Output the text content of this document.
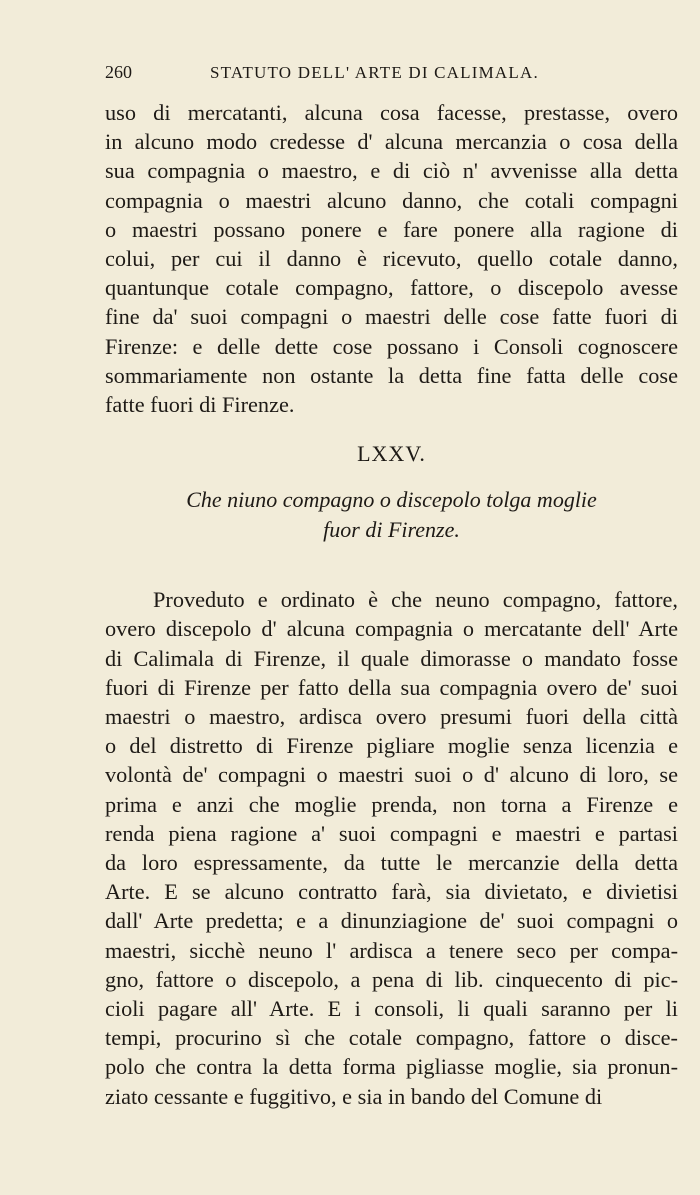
260	STATUTO DELL' ARTE DI CALIMALA.

uso di mercatanti, alcuna cosa facesse, prestasse, overo
in alcuno modo credesse d' alcuna mercanzia o cosa della
sua compagnia o maestro, e di ciò n' avvenisse alla detta
compagnia o maestri alcuno danno, che cotali compagni
o maestri possano ponere e fare ponere alla ragione di
colui, per cui il danno è ricevuto, quello cotale danno,
quantunque cotale compagno, fattore, o discepolo avesse
fine da' suoi compagni o maestri delle cose fatte fuori di
Firenze: e delle dette cose possano i Consoli cognoscere
sommariamente non ostante la detta fine fatta delle cose
fatte fuori di Firenze.

LXXV.
Che niuno compagno o discepolo tolga moglie
fuor di Firenze.

Proveduto e ordinato è che neuno compagno, fattore,
overo discepolo d' alcuna compagnia o mercatante dell' Arte
di Calimala di Firenze, il quale dimorasse o mandato fosse
fuori di Firenze per fatto della sua compagnia overo de' suoi
maestri o maestro, ardisca overo presumi fuori della città
o del distretto di Firenze pigliare moglie senza licenzia e
volontà de' compagni o maestri suoi o d' alcuno di loro, se
prima e anzi che moglie prenda, non torna a Firenze e
renda piena ragione a' suoi compagni e maestri e partasi
da loro espressamente, da tutte le mercanzie della detta
Arte. E se alcuno contratto farà, sia divietato, e divietisi
dall' Arte predetta; e a dinunziagione de' suoi compagni o
maestri, sicchè neuno l' ardisca a tenere seco per compa-
gno, fattore o discepolo, a pena di lib. cinquecento di pic-
cioli pagare all' Arte. E i consoli, li quali saranno per li
tempi, procurino sì che cotale compagno, fattore o disce-
polo che contra la detta forma pigliasse moglie, sia pronun-
ziato cessante e fuggitivo, e sia in bando del Comune di
